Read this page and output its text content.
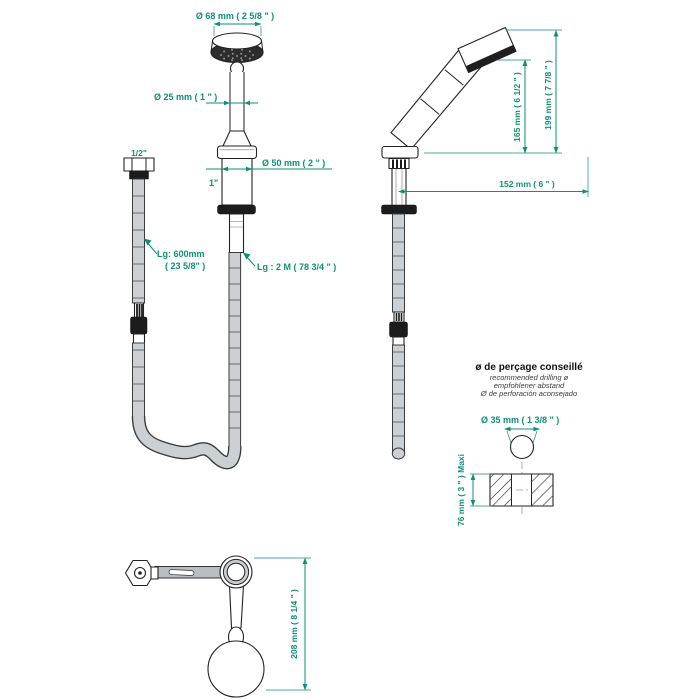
Ø 68 mm ( 2 5/8 " )
Ø 25 mm ( 1 " )
Ø 50 mm ( 2 " )
1"
1/2"
Lg: 600mm
( 23 5/8" )	Lg : 2 M ( 78 3/4 " )
165 mm ( 6 1/2 " ) 199 mm ( 7 7/8 " )
152 mm ( 6 " )
ø de perçage conseillé
recommended drilling ø
empfohlener abstand
Ø de perforación aconsejado
Ø 35 mm ( 1 3/8 " )
76 mm ( 3 " ) Maxi
208 mm ( 8 1/4 " )
